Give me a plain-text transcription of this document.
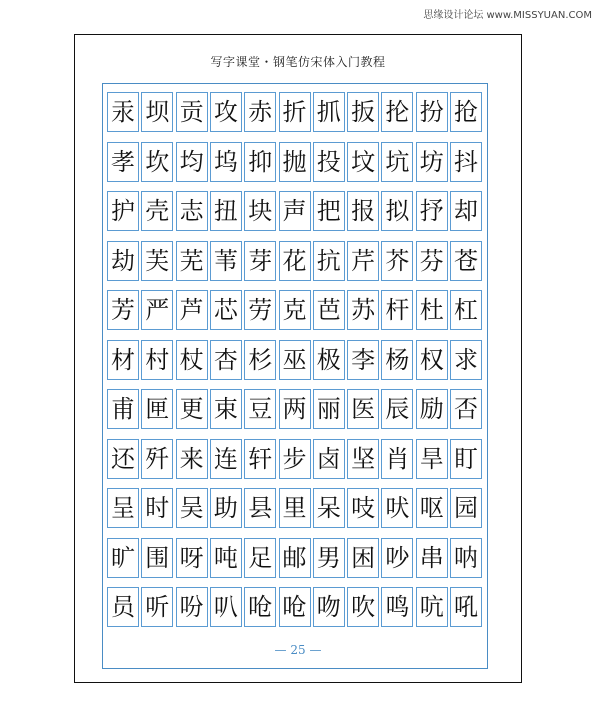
思缘设计论坛 www.MISSYUAN.COM
写字课堂・钢笔仿宋体入门教程
汞 坝 贡 攻 赤 折 抓 扳 抡 扮 抢
孝 坎 均 坞 抑 抛 投 坟 坑 坊 抖
护 壳 志 扭 块 声 把 报 拟 抒 却
劫 芙 芜 苇 芽 花 抗 芹 芥 芬 苍
芳 严 芦 芯 劳 克 芭 苏 杆 杜 杠
材 村 杖 杏 杉 巫 极 李 杨 权 求
甫 匣 更 束 豆 两 丽 医 辰 励 否
还 歼 来 连 轩 步 卤 坚 肖 旱 盯
呈 时 吴 助 县 里 呆 吱 吠 呕 园
旷 围 呀 吨 足 邮 男 困 吵 串 呐
员 听 吩 叭 呛 呛 吻 吹 鸣 吭 吼
— 25 —
